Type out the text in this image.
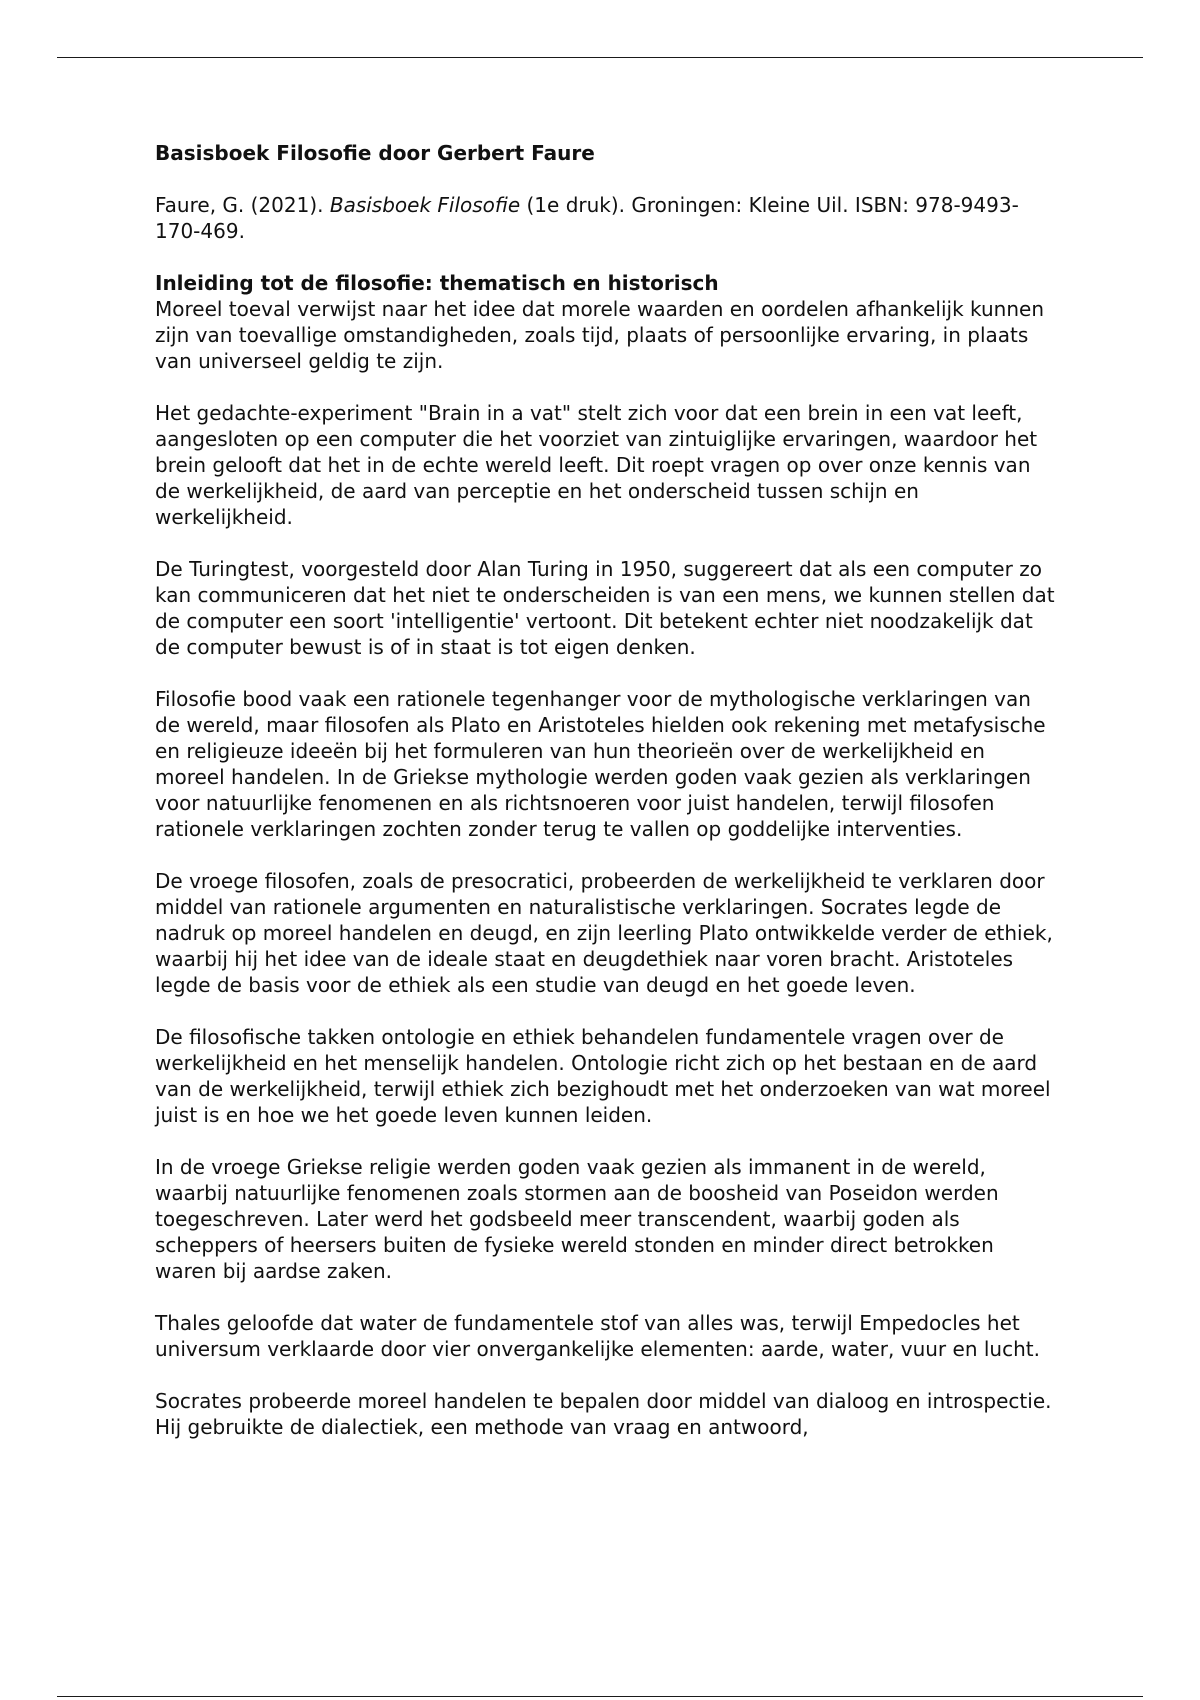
Basisboek Filosofie door Gerbert Faure

Faure, G. (2021). Basisboek Filosofie (1e druk). Groningen: Kleine Uil. ISBN: 978-9493-170-469.

Inleiding tot de filosofie: thematisch en historisch

Moreel toeval verwijst naar het idee dat morele waarden en oordelen afhankelijk kunnen zijn van toevallige omstandigheden, zoals tijd, plaats of persoonlijke ervaring, in plaats van universeel geldig te zijn.

Het gedachte-experiment "Brain in a vat" stelt zich voor dat een brein in een vat leeft, aangesloten op een computer die het voorziet van zintuiglijke ervaringen, waardoor het brein gelooft dat het in de echte wereld leeft. Dit roept vragen op over onze kennis van de werkelijkheid, de aard van perceptie en het onderscheid tussen schijn en werkelijkheid.

De Turingtest, voorgesteld door Alan Turing in 1950, suggereert dat als een computer zo kan communiceren dat het niet te onderscheiden is van een mens, we kunnen stellen dat de computer een soort 'intelligentie' vertoont. Dit betekent echter niet noodzakelijk dat de computer bewust is of in staat is tot eigen denken.

Filosofie bood vaak een rationele tegenhanger voor de mythologische verklaringen van de wereld, maar filosofen als Plato en Aristoteles hielden ook rekening met metafysische en religieuze ideeën bij het formuleren van hun theorieën over de werkelijkheid en moreel handelen. In de Griekse mythologie werden goden vaak gezien als verklaringen voor natuurlijke fenomenen en als richtsnoeren voor juist handelen, terwijl filosofen rationele verklaringen zochten zonder terug te vallen op goddelijke interventies.

De vroege filosofen, zoals de presocratici, probeerden de werkelijkheid te verklaren door middel van rationele argumenten en naturalistische verklaringen. Socrates legde de nadruk op moreel handelen en deugd, en zijn leerling Plato ontwikkelde verder de ethiek, waarbij hij het idee van de ideale staat en deugdethiek naar voren bracht. Aristoteles legde de basis voor de ethiek als een studie van deugd en het goede leven.

De filosofische takken ontologie en ethiek behandelen fundamentele vragen over de werkelijkheid en het menselijk handelen. Ontologie richt zich op het bestaan en de aard van de werkelijkheid, terwijl ethiek zich bezighoudt met het onderzoeken van wat moreel juist is en hoe we het goede leven kunnen leiden.

In de vroege Griekse religie werden goden vaak gezien als immanent in de wereld, waarbij natuurlijke fenomenen zoals stormen aan de boosheid van Poseidon werden toegeschreven. Later werd het godsbeeld meer transcendent, waarbij goden als scheppers of heersers buiten de fysieke wereld stonden en minder direct betrokken waren bij aardse zaken.

Thales geloofde dat water de fundamentele stof van alles was, terwijl Empedocles het universum verklaarde door vier onvergankelijke elementen: aarde, water, vuur en lucht.

Socrates probeerde moreel handelen te bepalen door middel van dialoog en introspectie. Hij gebruikte de dialectiek, een methode van vraag en antwoord,
